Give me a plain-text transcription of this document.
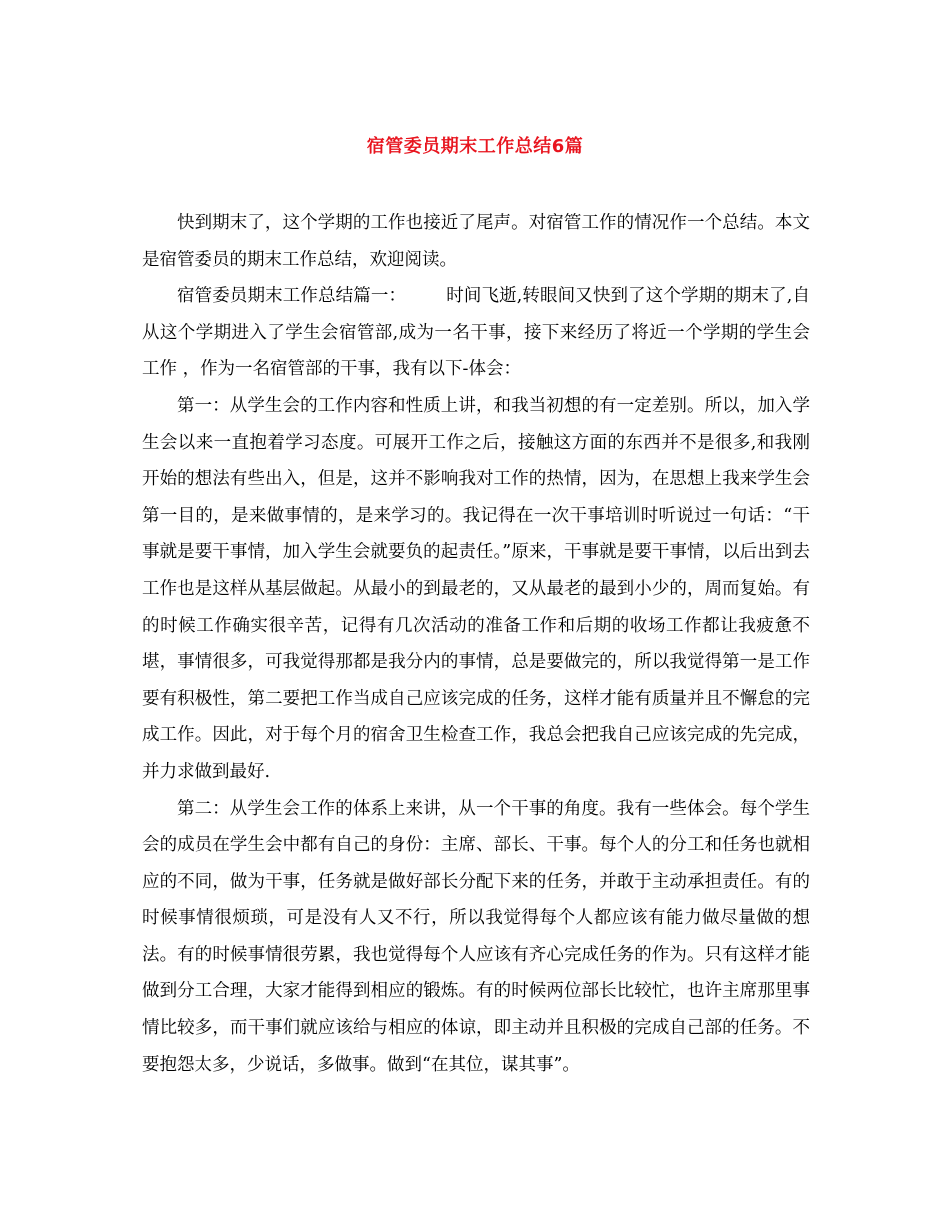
宿管委员期末工作总结6篇

快到期末了，这个学期的工作也接近了尾声。对宿管工作的情况作一个总结。本文是宿管委员的期末工作总结，欢迎阅读。

宿管委员期末工作总结篇一： 时间飞逝,转眼间又快到了这个学期的期末了,自从这个学期进入了学生会宿管部,成为一名干事，接下来经历了将近一个学期的学生会工作 ，作为一名宿管部的干事，我有以下-体会：

第一：从学生会的工作内容和性质上讲，和我当初想的有一定差别。所以，加入学生会以来一直抱着学习态度。可展开工作之后，接触这方面的东西并不是很多,和我刚开始的想法有些出入，但是，这并不影响我对工作的热情，因为，在思想上我来学生会第一目的，是来做事情的，是来学习的。我记得在一次干事培训时听说过一句话：“干事就是要干事情，加入学生会就要负的起责任。”原来，干事就是要干事情，以后出到去工作也是这样从基层做起。从最小的到最老的，又从最老的最到小少的，周而复始。有的时候工作确实很辛苦，记得有几次活动的准备工作和后期的收场工作都让我疲惫不堪，事情很多，可我觉得那都是我分内的事情，总是要做完的，所以我觉得第一是工作要有积极性，第二要把工作当成自己应该完成的任务，这样才能有质量并且不懈怠的完成工作。因此，对于每个月的宿舍卫生检查工作，我总会把我自己应该完成的先完成，并力求做到最好.

第二：从学生会工作的体系上来讲，从一个干事的角度。我有一些体会。每个学生会的成员在学生会中都有自己的身份：主席、部长、干事。每个人的分工和任务也就相应的不同，做为干事，任务就是做好部长分配下来的任务，并敢于主动承担责任。有的时候事情很烦琐，可是没有人又不行，所以我觉得每个人都应该有能力做尽量做的想法。有的时候事情很劳累，我也觉得每个人应该有齐心完成任务的作为。只有这样才能做到分工合理，大家才能得到相应的锻炼。有的时候两位部长比较忙，也许主席那里事情比较多，而干事们就应该给与相应的体谅，即主动并且积极的完成自己部的任务。不要抱怨太多，少说话，多做事。做到“在其位，谋其事”。
